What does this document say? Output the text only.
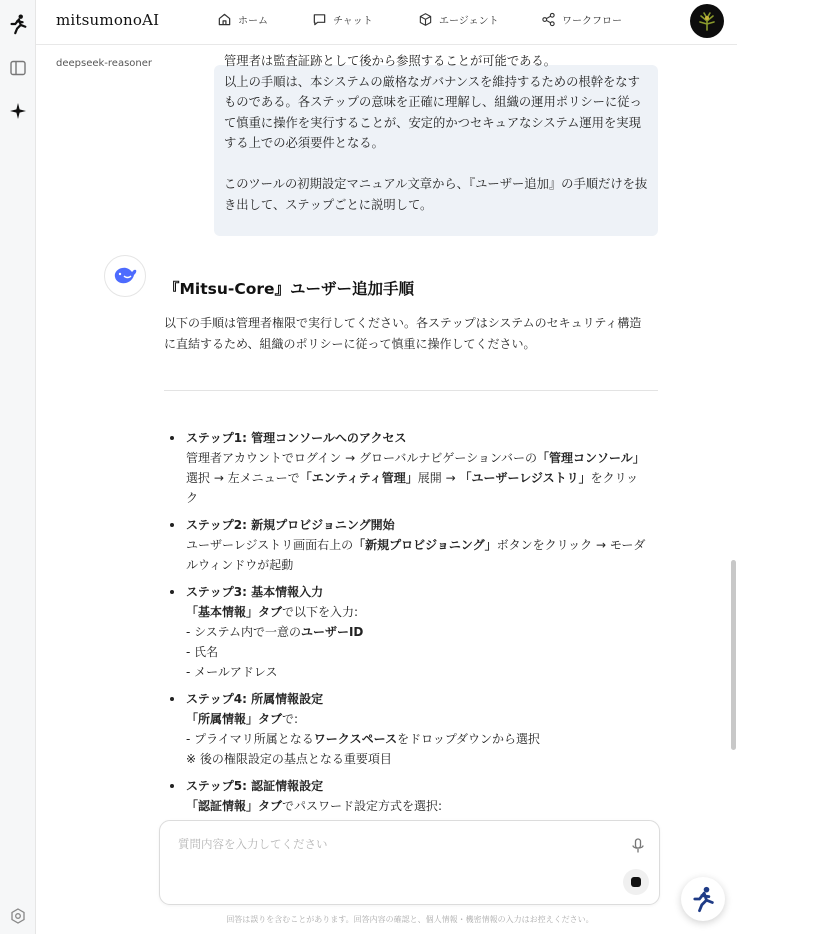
mitsumonoAI	ホーム	チャット	エージェント	ワークフロー
deepseek-reasoner	管理者は監査証跡として後から参照することが可能である。

以上の手順は、本システムの厳格なガバナンスを維持するための根幹をなす

ものである。各ステップの意味を正確に理解し、組織の運用ポリシーに従っ

て慎重に操作を実行することが、安定的かつセキュアなシステム運用を実現

する上での必須要件となる。

このツールの初期設定マニュアル文章から、『ユーザー追加』の手順だけを抜

き出して、ステップごとに説明して。

『Mitsu-Core』ユーザー追加手順
以下の手順は管理者権限で実行してください。各ステップはシステムのセキュリティ構造
に直結するため、組織のポリシーに従って慎重に操作してください。
ステップ1: 管理コンソールへのアクセス
管理者アカウントでログイン → グローバルナビゲーションバーの「管理コンソール」
選択 → 左メニューで「エンティティ管理」展開 → 「ユーザーレジストリ」をクリッ
ク
ステップ2: 新規プロビジョニング開始
ユーザーレジストリ画面右上の「新規プロビジョニング」ボタンをクリック → モーダ
ルウィンドウが起動
ステップ3: 基本情報入力
「基本情報」タブで以下を入力:
- システム内で一意のユーザーID
- 氏名
- メールアドレス
ステップ4: 所属情報設定
「所属情報」タブで:
- プライマリ所属となるワークスペースをドロップダウンから選択
※ 後の権限設定の基点となる重要項目
ステップ5: 認証情報設定
「認証情報」タブでパスワード設定方式を選択:
質問内容を入力してください
回答は誤りを含むことがあります。回答内容の確認と、個人情報・機密情報の入力はお控えください。
